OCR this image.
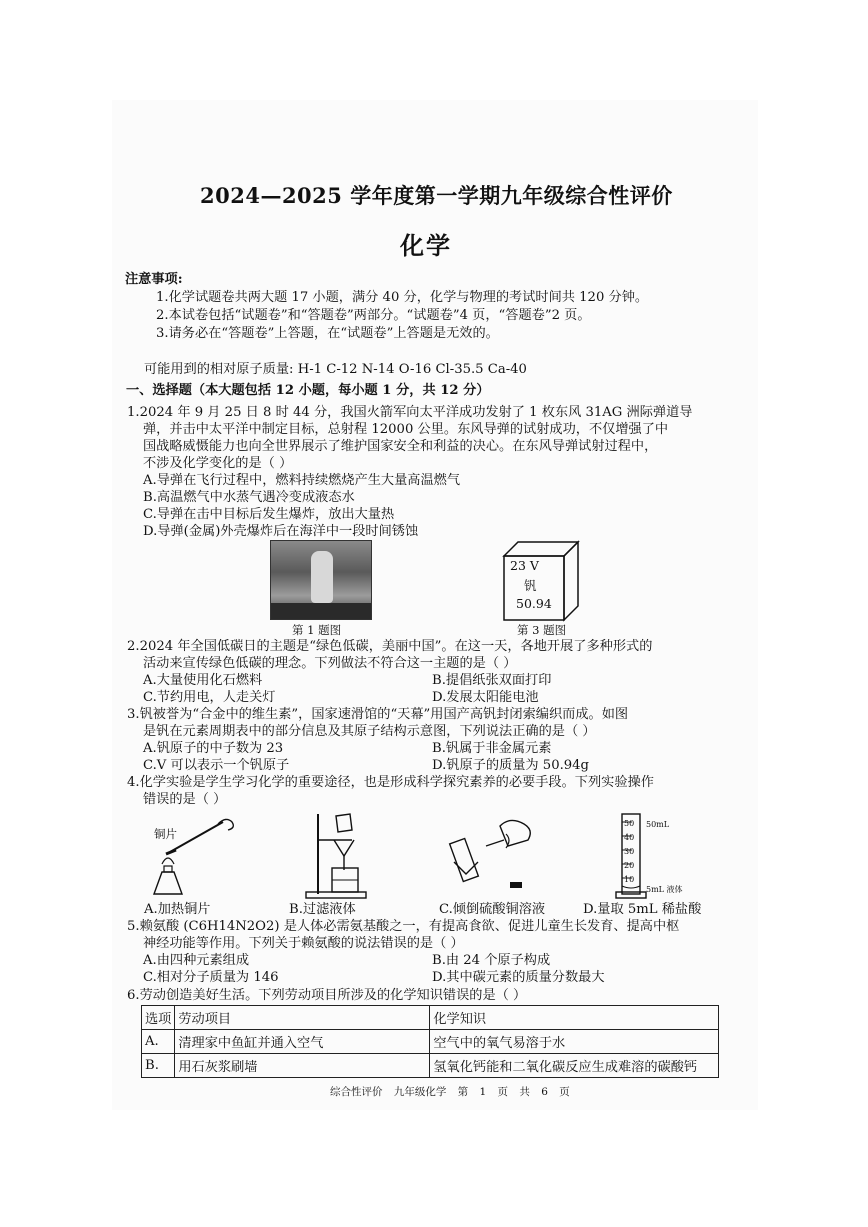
2024—2025 学年度第一学期九年级综合性评价
化学
注意事项:
1.化学试题卷共两大题 17 小题，满分 40 分，化学与物理的考试时间共 120 分钟。
2.本试卷包括“试题卷”和“答题卷”两部分。“试题卷”4 页，“答题卷”2 页。
3.请务必在“答题卷”上答题，在“试题卷”上答题是无效的。
可能用到的相对原子质量: H-1 C-12 N-14 O-16 Cl-35.5 Ca-40
一、选择题（本大题包括 12 小题，每小题 1 分，共 12 分）
1.2024 年 9 月 25 日 8 时 44 分，我国火箭军向太平洋成功发射了 1 枚东风 31AG 洲际弹道导
弹，并击中太平洋中制定目标，总射程 12000 公里。东风导弹的试射成功，不仅增强了中
国战略威慑能力也向全世界展示了维护国家安全和利益的决心。在东风导弹试射过程中，
不涉及化学变化的是（ ）
A.导弹在飞行过程中，燃料持续燃烧产生大量高温燃气
B.高温燃气中水蒸气遇冷变成液态水
C.导弹在击中目标后发生爆炸，放出大量热
D.导弹(金属)外壳爆炸后在海洋中一段时间锈蚀
23 V
钒
50.94
第 1 题图	第 3 题图
2.2024 年全国低碳日的主题是“绿色低碳，美丽中国”。在这一天，各地开展了多种形式的
活动来宣传绿色低碳的理念。下列做法不符合这一主题的是（ ）
A.大量使用化石燃料	B.提倡纸张双面打印
C.节约用电，人走关灯	D.发展太阳能电池
3.钒被誉为“合金中的维生素”，国家速滑馆的“天幕”用国产高钒封闭索编织而成。如图
是钒在元素周期表中的部分信息及其原子结构示意图，下列说法正确的是（ ）
A.钒原子的中子数为 23	B.钒属于非金属元素
C.V 可以表示一个钒原子	D.钒原子的质量为 50.94g
4.化学实验是学生学习化学的重要途径，也是形成科学探究素养的必要手段。下列实验操作
错误的是（ ）
铜片
50
40
30
20
10
50mL
5mL 液体
A.加热铜片	B.过滤液体	C.倾倒硫酸铜溶液	D.量取 5mL 稀盐酸
5.赖氨酸 (C6H14N2O2) 是人体必需氨基酸之一，有提高食欲、促进儿童生长发育、提高中枢
神经功能等作用。下列关于赖氨酸的说法错误的是（ ）
A.由四种元素组成	B.由 24 个原子构成
C.相对分子质量为 146	D.其中碳元素的质量分数最大
6.劳动创造美好生活。下列劳动项目所涉及的化学知识错误的是（ ）
选项	劳动项目	化学知识
A.	清理家中鱼缸并通入空气	空气中的氧气易溶于水
B.	用石灰浆刷墙	氢氧化钙能和二氧化碳反应生成难溶的碳酸钙
综合性评价 九年级化学 第 1 页 共 6 页
